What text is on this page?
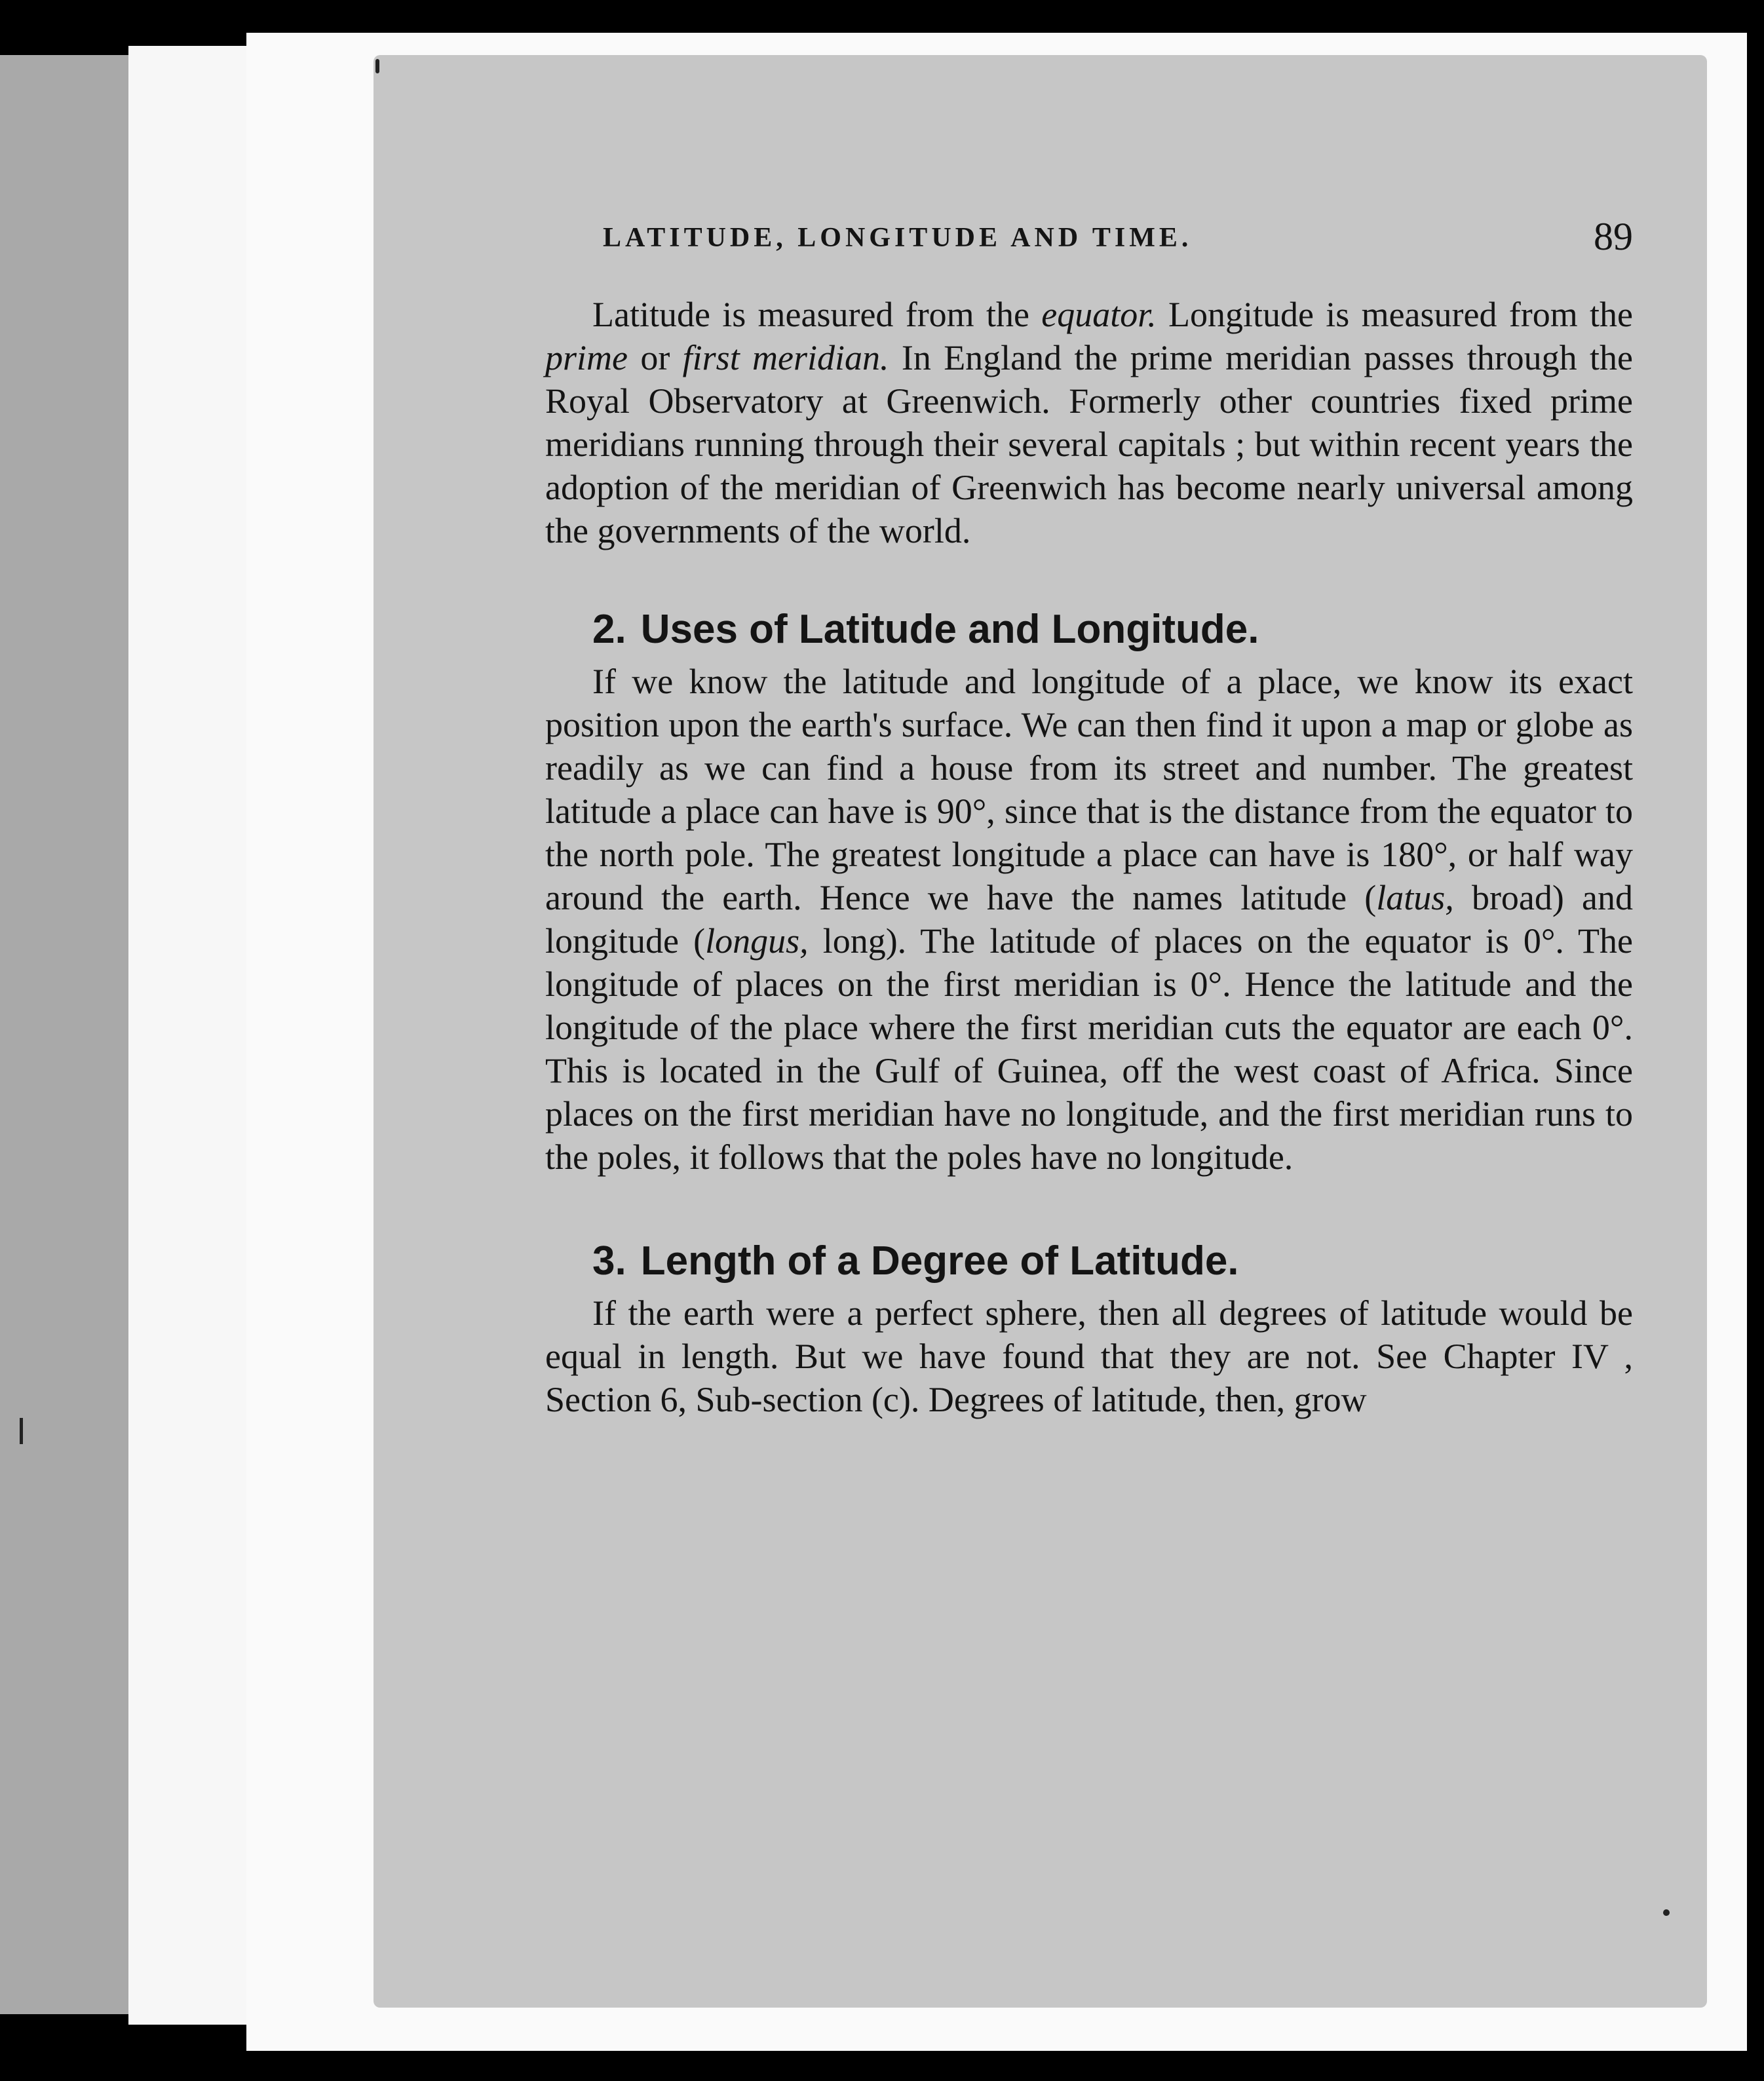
LATITUDE, LONGITUDE AND TIME.	89

Latitude is measured from the equator. Longitude is measured from the prime or first meridian. In England the prime meridian passes through the Royal Observatory at Greenwich. Formerly other countries fixed prime meridians running through their several capitals ; but within recent years the adoption of the meridian of Greenwich has become nearly universal among the governments of the world.

2. Uses of Latitude and Longitude.

If we know the latitude and longitude of a place, we know its exact position upon the earth's surface. We can then find it upon a map or globe as readily as we can find a house from its street and number. The greatest latitude a place can have is 90°, since that is the distance from the equator to the north pole. The greatest longitude a place can have is 180°, or half way around the earth. Hence we have the names latitude (latus, broad) and longitude (longus, long). The latitude of places on the equator is 0°. The longitude of places on the first meridian is 0°. Hence the latitude and the longitude of the place where the first meridian cuts the equator are each 0°. This is located in the Gulf of Guinea, off the west coast of Africa. Since places on the first meridian have no longitude, and the first meridian runs to the poles, it follows that the poles have no longitude.

3. Length of a Degree of Latitude.

If the earth were a perfect sphere, then all degrees of latitude would be equal in length. But we have found that they are not. See Chapter IV , Section 6, Sub-section (c). Degrees of latitude, then, grow
